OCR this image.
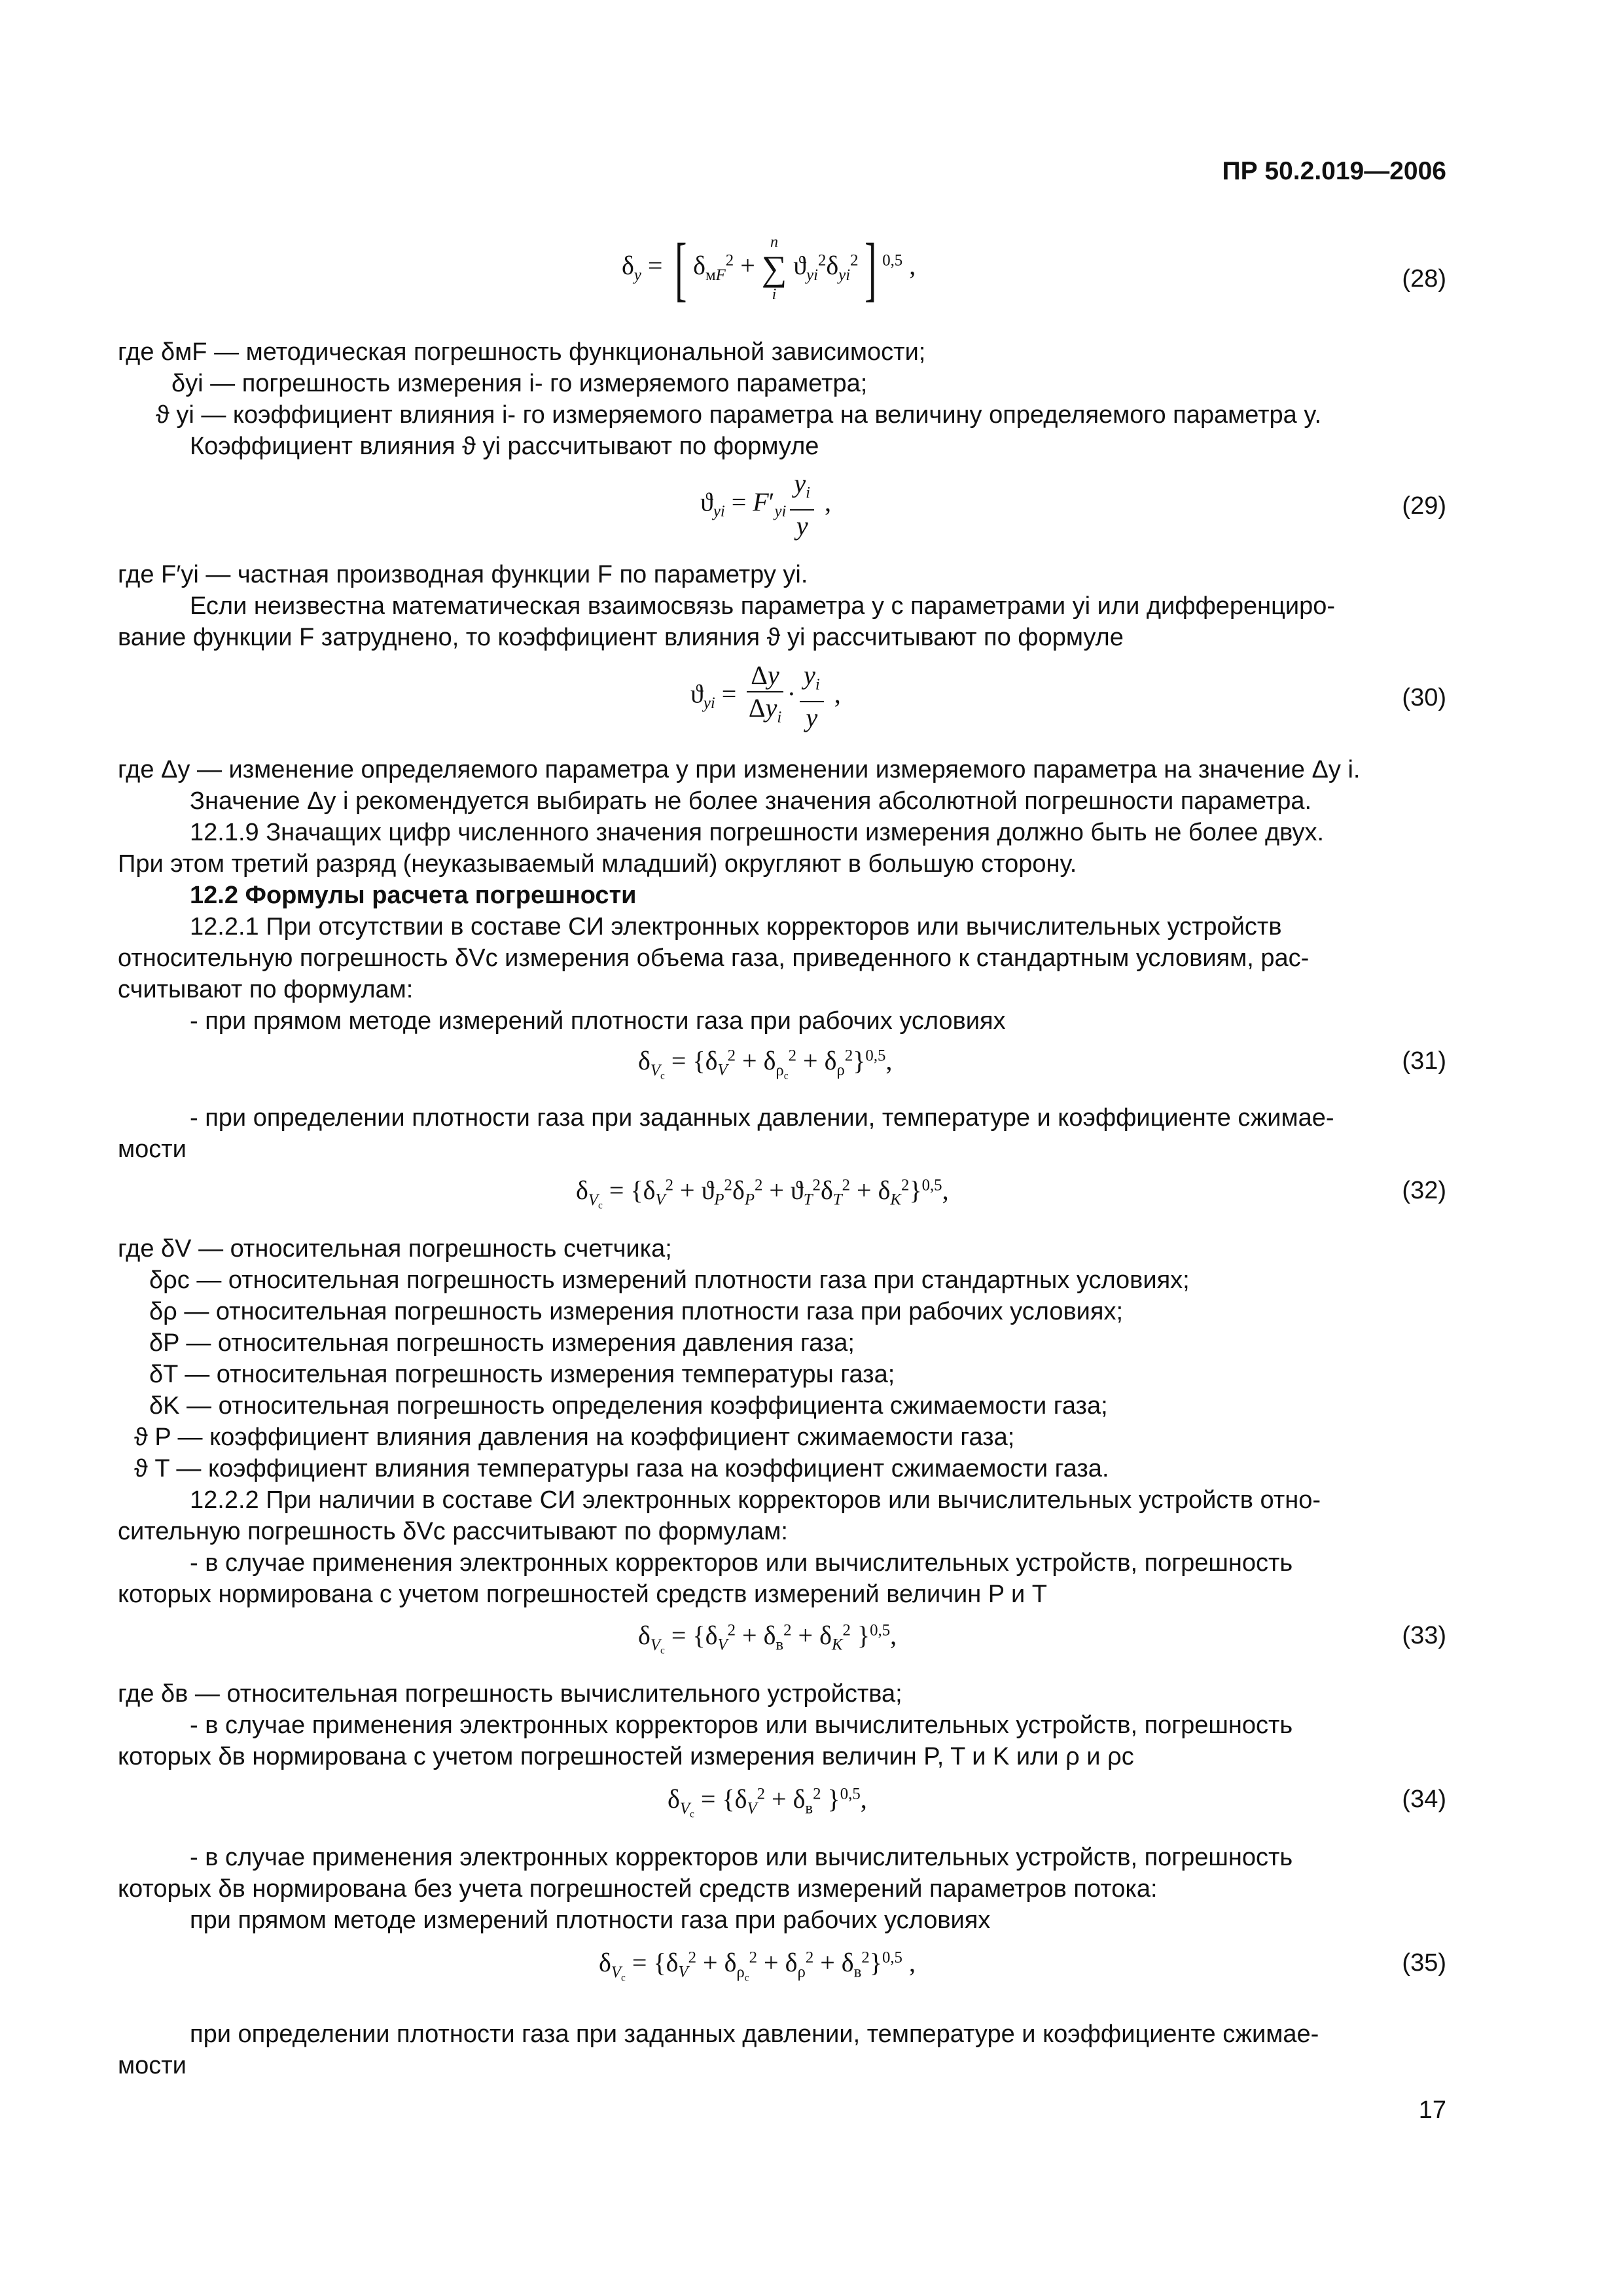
ПР 50.2.019—2006
$\delta_y$ = [ $\delta_{мF}^2$ +
n
∑
i
$ϑ_{yi}^2\delta_{yi}^2$] $^{0,5}$ ,	(28)
где δмF — методическая погрешность функциональной зависимости;
δyi — погрешность измерения i- го измеряемого параметра;
ϑ yi — коэффициент влияния i- го измеряемого параметра на величину определяемого параметра y.
Коэффициент влияния ϑ yi рассчитывают по формуле
$ϑ_{yi} = F'_{yi} \frac{y_i}{y}$ ,	(29)
где F′yi — частная производная функции F по параметру yi.
Если неизвестна математическая взаимосвязь параметра y с параметрами yi или дифференциро-
вание функции F затруднено, то коэффициент влияния ϑ yi рассчитывают по формуле
$ϑ_{yi}$ =
Δy
$\Delta y_i$
· $\frac{y_i}{y}$ ,	(30)
где Δy — изменение определяемого параметра y при изменении измеряемого параметра на значение Δy i.
Значение Δy i рекомендуется выбирать не более значения абсолютной погрешности параметра.
12.1.9 Значащих цифр численного значения погрешности измерения должно быть не более двух.
При этом третий разряд (неуказываемый младший) округляют в большую сторону.
12.2 Формулы расчета погрешности
12.2.1 При отсутствии в составе СИ электронных корректоров или вычислительных устройств
относительную погрешность δVc измерения объема газа, приведенного к стандартным условиям, рас-
считывают по формулам:
- при прямом методе измерений плотности газа при рабочих условиях
$\delta_{V_c} = \{\delta_V^2 + \delta_{\rho_c}^2 + \delta_\rho^2\}^{0,5}$,	(31)
- при определении плотности газа при заданных давлении, температуре и коэффициенте сжимае-
мости
$\delta_{V_c} = \{\delta_V^2 + ϑ_P^2\delta_P^2 + ϑ_T^2\delta_T^2 + \delta_K^2\}^{0,5}$,	(32)
где δV — относительная погрешность счетчика;
δρc — относительная погрешность измерений плотности газа при стандартных условиях;
δρ — относительная погрешность измерения плотности газа при рабочих условиях;
δP — относительная погрешность измерения давления газа;
δT — относительная погрешность измерения температуры газа;
δK — относительная погрешность определения коэффициента сжимаемости газа;
ϑ P — коэффициент влияния давления на коэффициент сжимаемости газа;
ϑ T — коэффициент влияния температуры газа на коэффициент сжимаемости газа.
12.2.2 При наличии в составе СИ электронных корректоров или вычислительных устройств отно-
сительную погрешность δVc рассчитывают по формулам:
- в случае применения электронных корректоров или вычислительных устройств, погрешность
которых нормирована с учетом погрешностей средств измерений величин P и T
$\delta_{V_c} = \{\delta_V^2 + \delta_в^2 + \delta_K^2$ }$^{0,5}$,	(33)
где δв — относительная погрешность вычислительного устройства;
- в случае применения электронных корректоров или вычислительных устройств, погрешность
которых δв нормирована с учетом погрешностей измерения величин P, T и K или ρ и ρc
$\delta_{V_c} = \{\delta_V^2 + \delta_в^2$ }$^{0,5}$,	(34)
- в случае применения электронных корректоров или вычислительных устройств, погрешность
которых δв нормирована без учета погрешностей средств измерений параметров потока:
при прямом методе измерений плотности газа при рабочих условиях
$\delta_{V_c} = \{\delta_V^2 + \delta_{\rho_c}^2 + \delta_\rho^2 + \delta_в^2\}^{0,5}$ ,	(35)
при определении плотности газа при заданных давлении, температуре и коэффициенте сжимае-
мости
17
